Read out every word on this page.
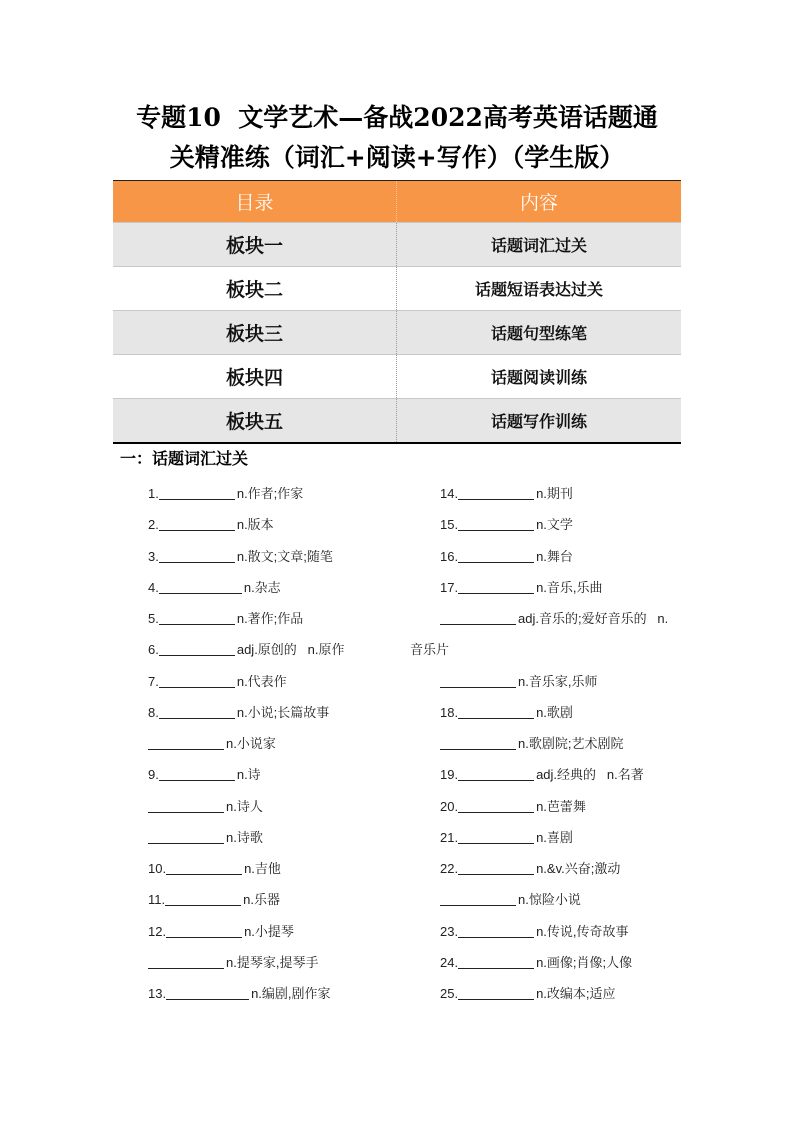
专题10  文学艺术—备战2022高考英语话题通
关精准练（词汇+阅读+写作）（学生版）
目录	内容
板块一	话题词汇过关
板块二	话题短语表达过关
板块三	话题句型练笔
板块四	话题阅读训练
板块五	话题写作训练
一：话题词汇过关
1.	n.作者;作家
2.	n.版本
3.	n.散文;文章;随笔
4.	n.杂志
5.	n.著作;作品
6.	adj.原创的   n.原作
7.	n.代表作
8.	n.小说;长篇故事
n.小说家
9.	n.诗
n.诗人
n.诗歌
10.	n.吉他
11.	n.乐器
12.	n.小提琴
n.提琴家,提琴手
13.	n.编剧,剧作家
14.	n.期刊
15.	n.文学
16.	n.舞台
17.	n.音乐,乐曲
adj.音乐的;爱好音乐的   n.
音乐片
n.音乐家,乐师
18.	n.歌剧
n.歌剧院;艺术剧院
19.	adj.经典的   n.名著
20.	n.芭蕾舞
21.	n.喜剧
22.	n.&v.兴奋;激动
n.惊险小说
23.	n.传说,传奇故事
24.	n.画像;肖像;人像
25.	n.改编本;适应
